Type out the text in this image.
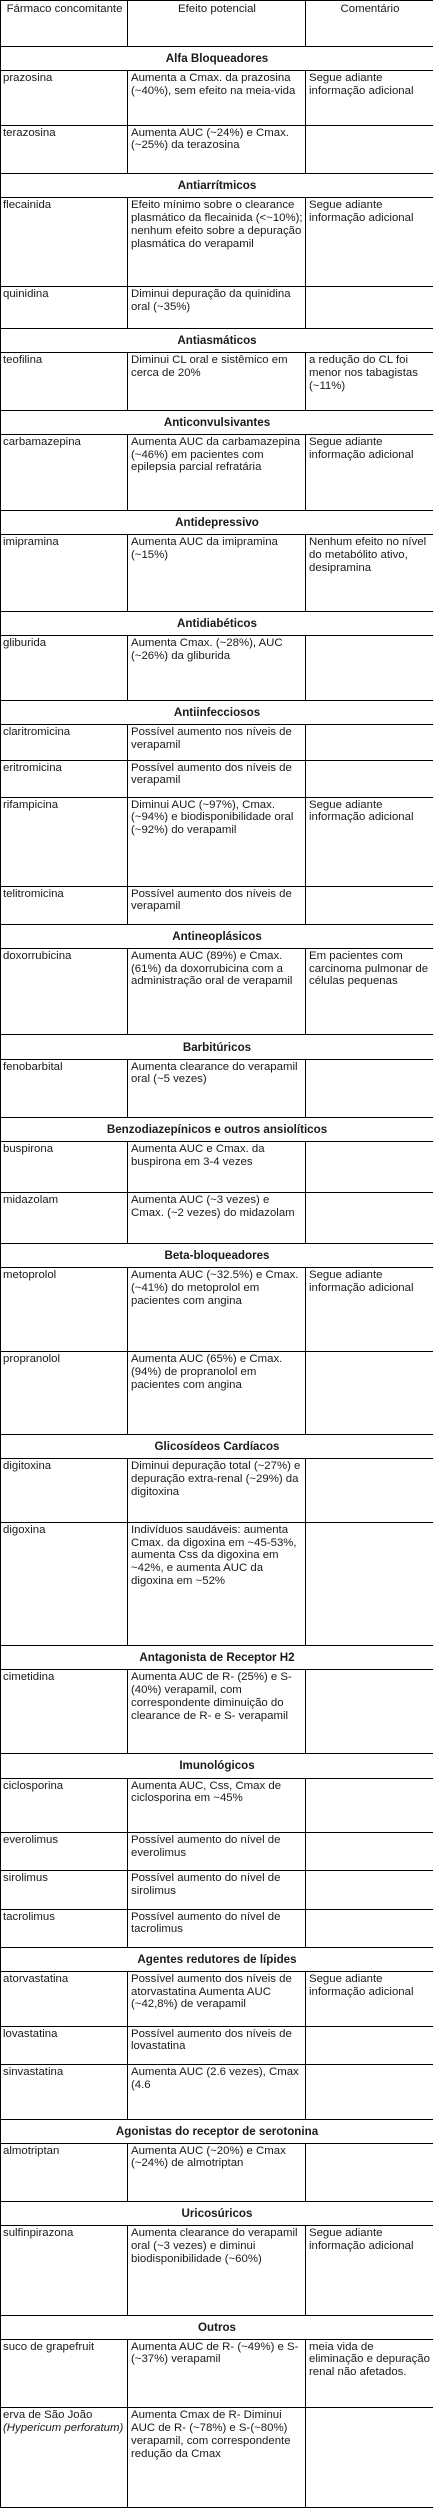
Fármaco concomitante	Efeito potencial	Comentário
Alfa Bloqueadores		
prazosina	Aumenta a Cmax. da prazosina (~40%), sem efeito na meia-vida	Segue adiante informação adicional
terazosina	Aumenta AUC (~24%) e Cmax. (~25%) da terazosina	
Antiarrítmicos		
flecainida	Efeito mínimo sobre o clearance plasmático da flecainida (<~10%); nenhum efeito sobre a depuração plasmática do verapamil	Segue adiante informação adicional
quinidina	Diminui depuração da quinidina oral (~35%)	
Antiasmáticos		
teofilina	Diminui CL oral e sistêmico em cerca de 20%	a redução do CL foi menor nos tabagistas (~11%)
Anticonvulsivantes		
carbamazepina	Aumenta AUC da carbamazepina (~46%) em pacientes com epilepsia parcial refratária	Segue adiante informação adicional
Antidepressivo		
imipramina	Aumenta AUC da imipramina (~15%)	Nenhum efeito no nível do metabólito ativo, desipramina
Antidiabéticos		
gliburida	Aumenta Cmax. (~28%), AUC (~26%) da gliburida	
Antiinfecciosos		
claritromicina	Possível aumento nos níveis de verapamil	
eritromicina	Possível aumento dos níveis de verapamil	
rifampicina	Diminui AUC (~97%), Cmax. (~94%) e biodisponibilidade oral (~92%) do verapamil	Segue adiante informação adicional
telitromicina	Possível aumento dos níveis de verapamil	
Antineoplásicos		
doxorrubicina	Aumenta AUC (89%) e Cmax. (61%) da doxorrubicina com a administração oral de verapamil	Em pacientes com carcinoma pulmonar de células pequenas
Barbitúricos		
fenobarbital	Aumenta clearance do verapamil oral (~5 vezes)	
Benzodiazepínicos e outros ansiolíticos		
buspirona	Aumenta AUC e Cmax. da buspirona em 3-4 vezes	
midazolam	Aumenta AUC (~3 vezes) e Cmax. (~2 vezes) do midazolam	
Beta-bloqueadores		
metoprolol	Aumenta AUC (~32.5%) e Cmax. (~41%) do metoprolol em pacientes com angina	Segue adiante informação adicional
propranolol	Aumenta AUC (65%) e Cmax. (94%) de propranolol em pacientes com angina	
Glicosídeos Cardíacos		
digitoxina	Diminui depuração total (~27%) e depuração extra-renal (~29%) da digitoxina	
digoxina	Indivíduos saudáveis: aumenta Cmax. da digoxina em ~45-53%, aumenta Css da digoxina em ~42%, e aumenta AUC da digoxina em ~52%	
Antagonista de Receptor H2		
cimetidina	Aumenta AUC de R- (25%) e S-(40%) verapamil, com correspondente diminuição do clearance de R- e S- verapamil	
Imunológicos		
ciclosporina	Aumenta AUC, Css, Cmax de ciclosporina em ~45%	
everolimus	Possível aumento do nível de everolimus	
sirolimus	Possível aumento do nível de sirolimus	
tacrolimus	Possível aumento do nível de tacrolimus	
Agentes redutores de lípides		
atorvastatina	Possível aumento dos níveis de atorvastatina Aumenta AUC (~42,8%) de verapamil	Segue adiante informação adicional
lovastatina	Possível aumento dos níveis de lovastatina	
sinvastatina	Aumenta AUC (2.6 vezes), Cmax (4.6	
Agonistas do receptor de serotonina		
almotriptan	Aumenta AUC (~20%) e Cmax (~24%) de almotriptan	
Uricosúricos		
sulfinpirazona	Aumenta clearance do verapamil oral (~3 vezes) e diminui biodisponibilidade (~60%)	Segue adiante informação adicional
Outros		
suco de grapefruit	Aumenta AUC de R- (~49%) e S- (~37%) verapamil	meia vida de eliminação e depuração renal não afetados.
erva de São João (Hypericum perforatum)	Aumenta Cmax de R- Diminui AUC de R- (~78%) e S-(~80%) verapamil, com correspondente redução da Cmax	
